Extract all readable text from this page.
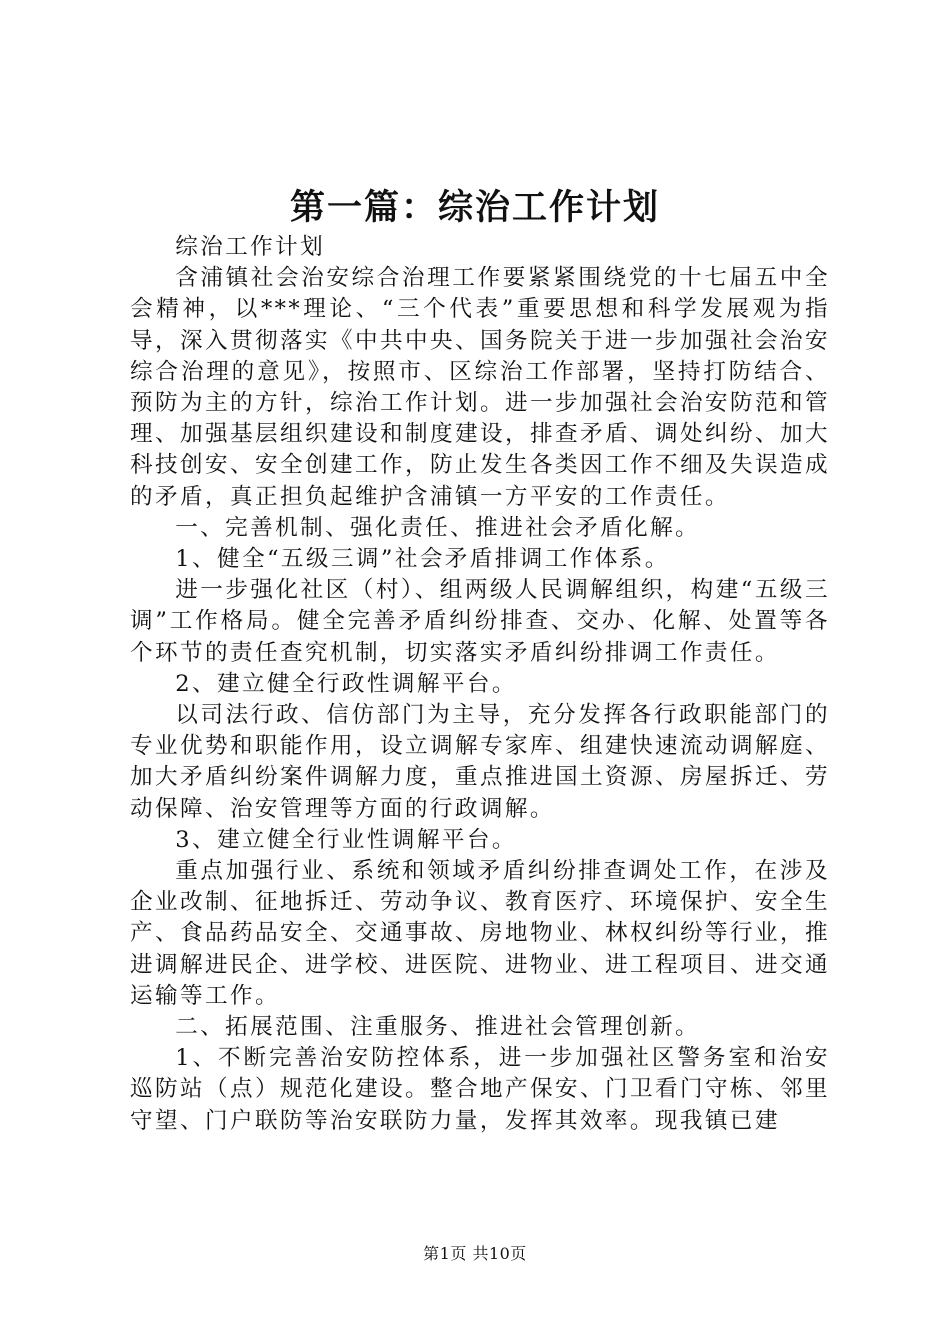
第一篇：综治工作计划

综治工作计划

含浦镇社会治安综合治理工作要紧紧围绕党的十七届五中全会精神，以***理论、“三个代表”重要思想和科学发展观为指导，深入贯彻落实《中共中央、国务院关于进一步加强社会治安综合治理的意见》，按照市、区综治工作部署，坚持打防结合、预防为主的方针，综治工作计划。进一步加强社会治安防范和管理、加强基层组织建设和制度建设，排查矛盾、调处纠纷、加大科技创安、安全创建工作，防止发生各类因工作不细及失误造成的矛盾，真正担负起维护含浦镇一方平安的工作责任。

一、完善机制、强化责任、推进社会矛盾化解。

1、健全“五级三调”社会矛盾排调工作体系。

进一步强化社区（村）、组两级人民调解组织，构建“五级三调”工作格局。健全完善矛盾纠纷排查、交办、化解、处置等各个环节的责任查究机制，切实落实矛盾纠纷排调工作责任。

2、建立健全行政性调解平台。

以司法行政、信仿部门为主导，充分发挥各行政职能部门的专业优势和职能作用，设立调解专家库、组建快速流动调解庭、加大矛盾纠纷案件调解力度，重点推进国土资源、房屋拆迁、劳动保障、治安管理等方面的行政调解。

3、建立健全行业性调解平台。

重点加强行业、系统和领域矛盾纠纷排查调处工作，在涉及企业改制、征地拆迁、劳动争议、教育医疗、环境保护、安全生产、食品药品安全、交通事故、房地物业、林权纠纷等行业，推进调解进民企、进学校、进医院、进物业、进工程项目、进交通运输等工作。

二、拓展范围、注重服务、推进社会管理创新。

1、不断完善治安防控体系，进一步加强社区警务室和治安巡防站（点）规范化建设。整合地产保安、门卫看门守栋、邻里守望、门户联防等治安联防力量，发挥其效率。现我镇已建

第1页 共10页
